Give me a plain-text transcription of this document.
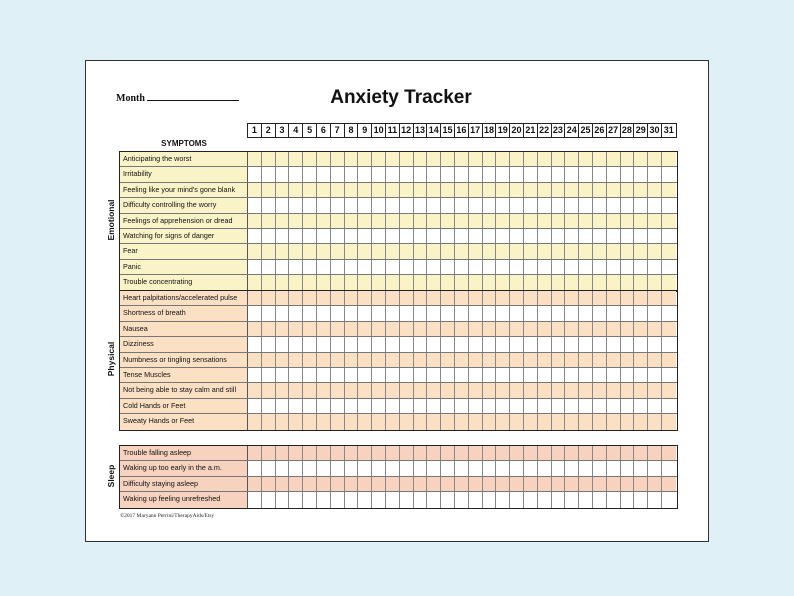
Month	Anxiety Tracker
SYMPTOMS
1 2 3 4 5 6 7 8 9 10 11 12 13 14 15 16 17 18 19 20 21 22 23 24 25 26 27 28 29 30 31
Anticipating the worst
Irritability
Feeling like your mind's gone blank
Difficulty controlling the worry
Feelings of apprehension or dread
Watching for signs of danger
Fear
Panic
Trouble concentrating
Heart palpitations/accelerated pulse
Shortness of breath
Nausea
Dizziness
Numbness or tingling sensations
Tense Muscles
Not being able to stay calm and still
Cold Hands or Feet
Sweaty Hands or Feet
Trouble falling asleep
Waking up too early in the a.m.
Difficulty staying asleep
Waking up feeling unrefreshed
©2017 Maryann Perrini/TherapyAids/Etsy
Emotional
Physical
Sleep
